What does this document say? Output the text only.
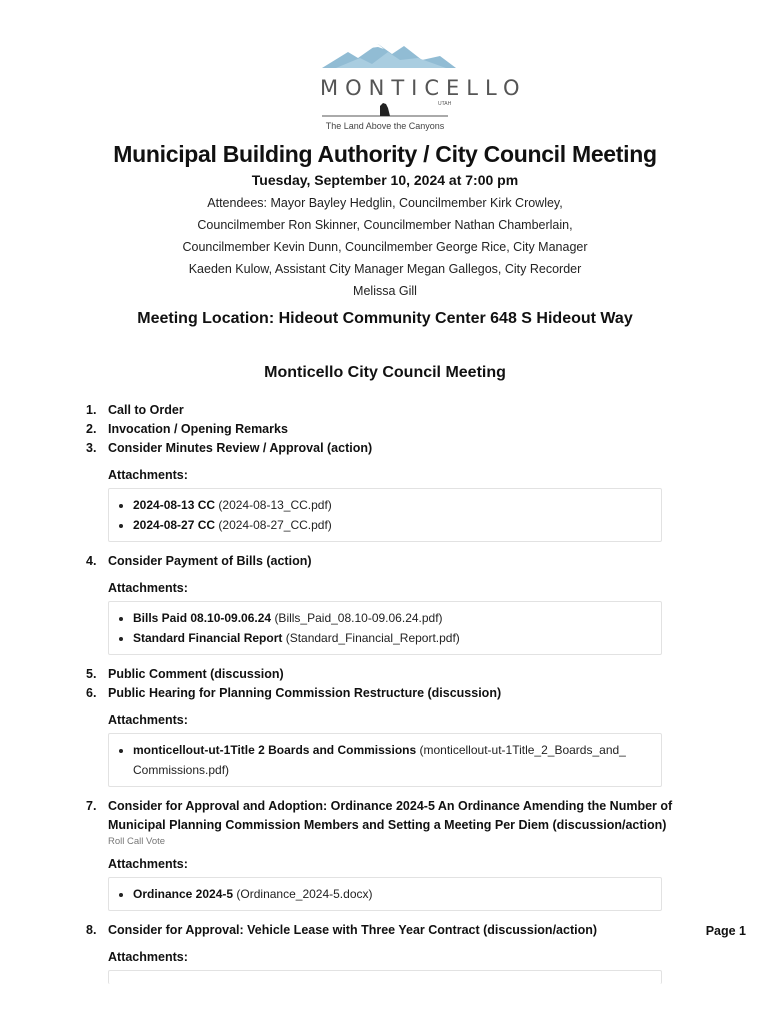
MONTICELLO
UTAH
The Land Above the Canyons
Municipal Building Authority / City Council Meeting

Tuesday, September 10, 2024 at 7:00 pm

Attendees: Mayor Bayley Hedglin, Councilmember Kirk Crowley,
Councilmember Ron Skinner, Councilmember Nathan Chamberlain,
Councilmember Kevin Dunn, Councilmember George Rice, City Manager
Kaeden Kulow, Assistant City Manager Megan Gallegos, City Recorder
Melissa Gill

Meeting Location: Hideout Community Center 648 S Hideout Way

Monticello City Council Meeting

1. Call to Order
2. Invocation / Opening Remarks
3. Consider Minutes Review / Approval (action)
Attachments:
• 2024-08-13 CC (2024-08-13_CC.pdf)
• 2024-08-27 CC (2024-08-27_CC.pdf)
4. Consider Payment of Bills (action)
Attachments:
• Bills Paid 08.10-09.06.24 (Bills_Paid_08.10-09.06.24.pdf)
• Standard Financial Report (Standard_Financial_Report.pdf)
5. Public Comment (discussion)
6. Public Hearing for Planning Commission Restructure (discussion)
Attachments:
• monticellout-ut-1Title 2 Boards and Commissions (monticellout-ut-1Title_2_Boards_and_ Commissions.pdf)
7. Consider for Approval and Adoption: Ordinance 2024-5 An Ordinance Amending the Number of Municipal Planning Commission Members and Setting a Meeting Per Diem (discussion/action)
Roll Call Vote
Attachments:
• Ordinance 2024-5 (Ordinance_2024-5.docx)
8. Consider for Approval: Vehicle Lease with Three Year Contract (discussion/action)
Attachments:
Page 1
